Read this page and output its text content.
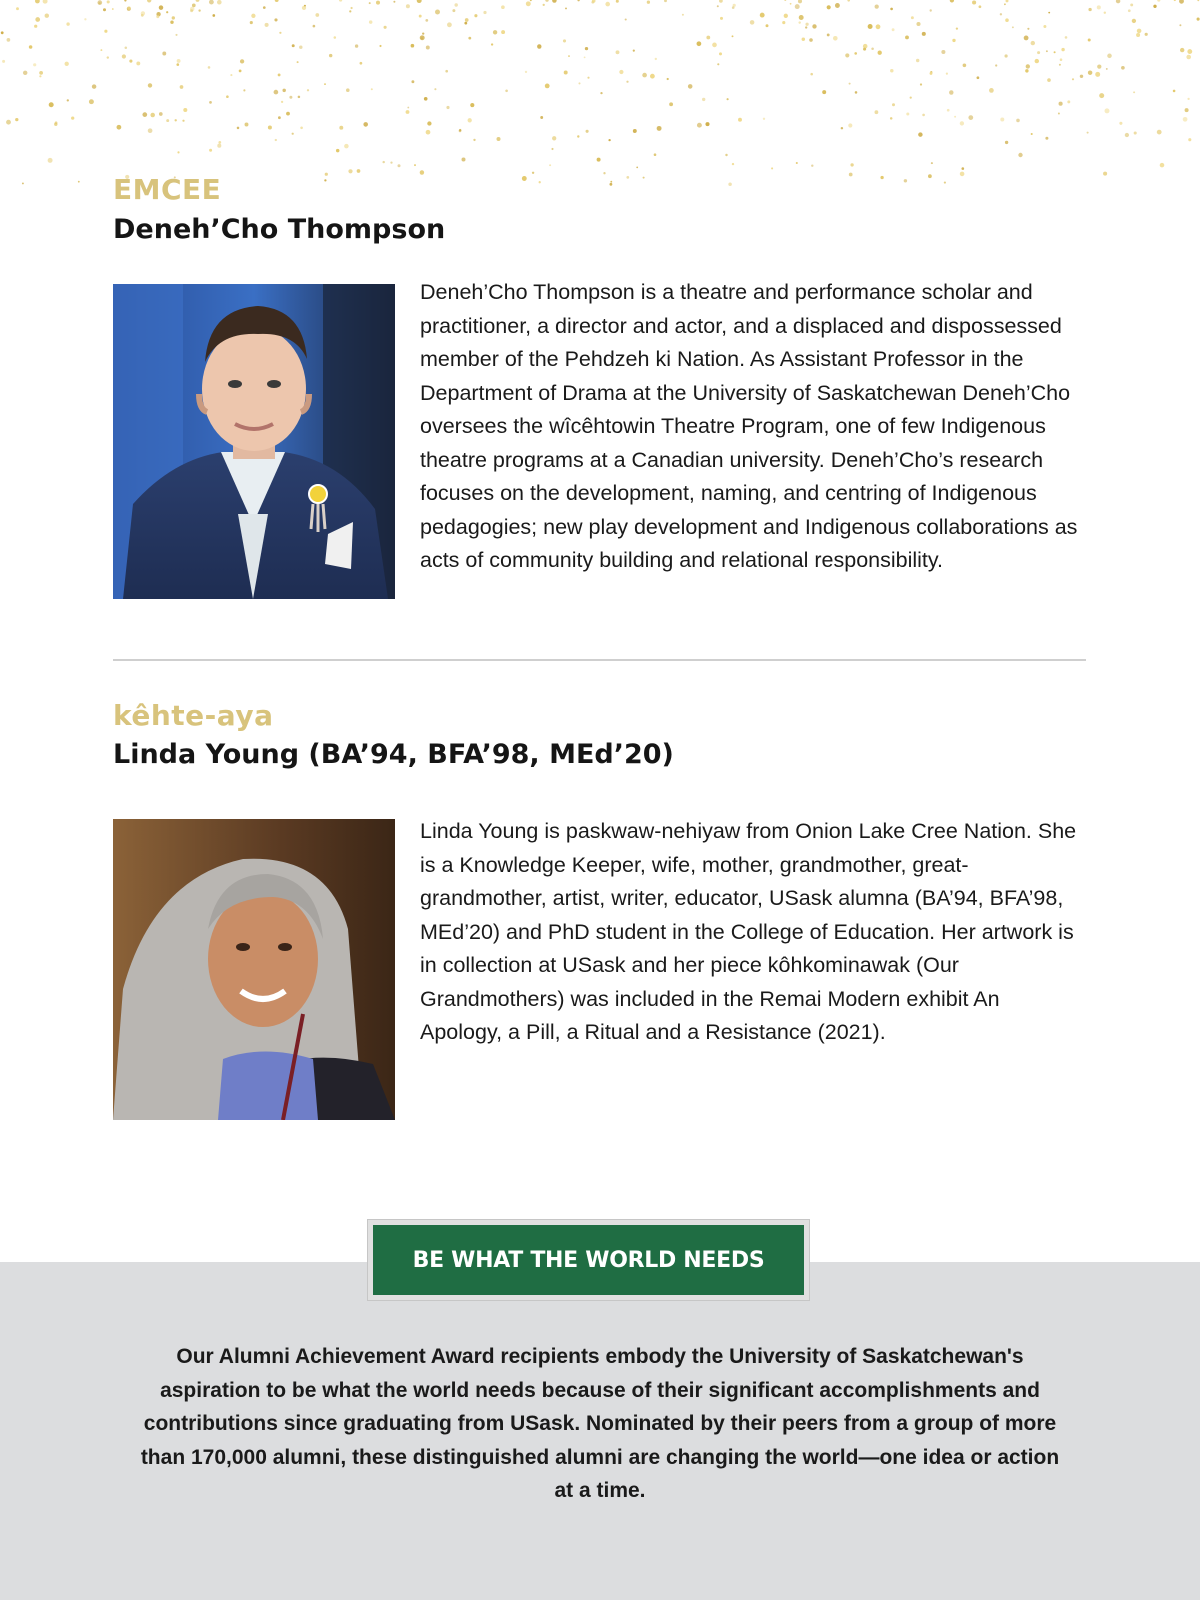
EMCEE
Deneh’Cho Thompson

Deneh’Cho Thompson is a theatre and performance scholar and practitioner, a director and actor, and a displaced and dispossessed member of the Pehdzeh ki Nation. As Assistant Professor in the Department of Drama at the University of Saskatchewan Deneh’Cho oversees the wîcêhtowin Theatre Program, one of few Indigenous theatre programs at a Canadian university. Deneh’Cho’s research focuses on the development, naming, and centring of Indigenous pedagogies; new play development and Indigenous collaborations as acts of community building and relational responsibility.

kêhte-aya
Linda Young (BA’94, BFA’98, MEd’20)

Linda Young is paskwaw-nehiyaw from Onion Lake Cree Nation. She is a Knowledge Keeper, wife, mother, grandmother, great-grandmother, artist, writer, educator, USask alumna (BA’94, BFA’98, MEd’20) and PhD student in the College of Education. Her artwork is in collection at USask and her piece kôhkominawak (Our Grandmothers) was included in the Remai Modern exhibit An Apology, a Pill, a Ritual and a Resistance (2021).

BE WHAT THE WORLD NEEDS

Our Alumni Achievement Award recipients embody the University of Saskatchewan's aspiration to be what the world needs because of their significant accomplishments and contributions since graduating from USask. Nominated by their peers from a group of more than 170,000 alumni, these distinguished alumni are changing the world—one idea or action at a time.
